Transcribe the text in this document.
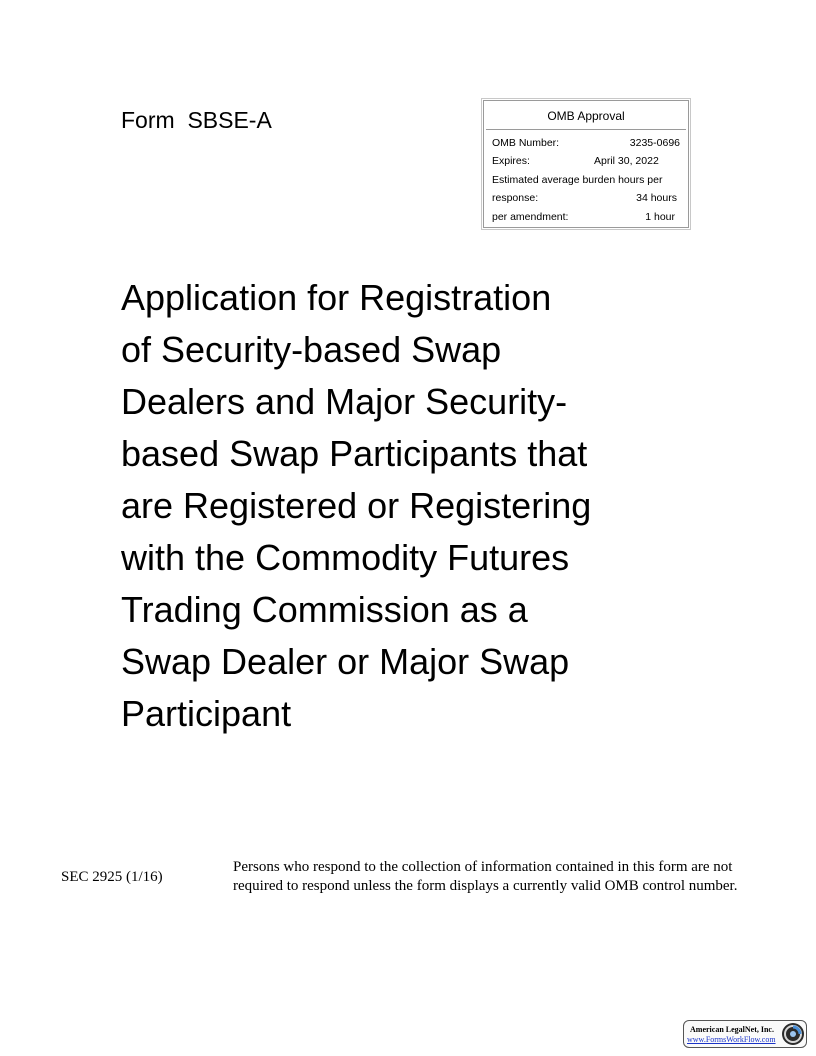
Form  SBSE-A	OMB Approval
OMB Number:	3235-0696
Expires:	April 30, 2022
Estimated average burden hours per
response:	34 hours
per amendment:	1 hour
Application for Registration
of Security-based Swap
Dealers and Major Security-
based Swap Participants that
are Registered or Registering
with the Commodity Futures
Trading Commission as a
Swap Dealer or Major Swap
Participant
SEC 2925 (1/16)
Persons who respond to the collection of information contained in this form are not required to respond unless the form displays a currently valid OMB control number.
American LegalNet, Inc.
www.FormsWorkFlow.com
